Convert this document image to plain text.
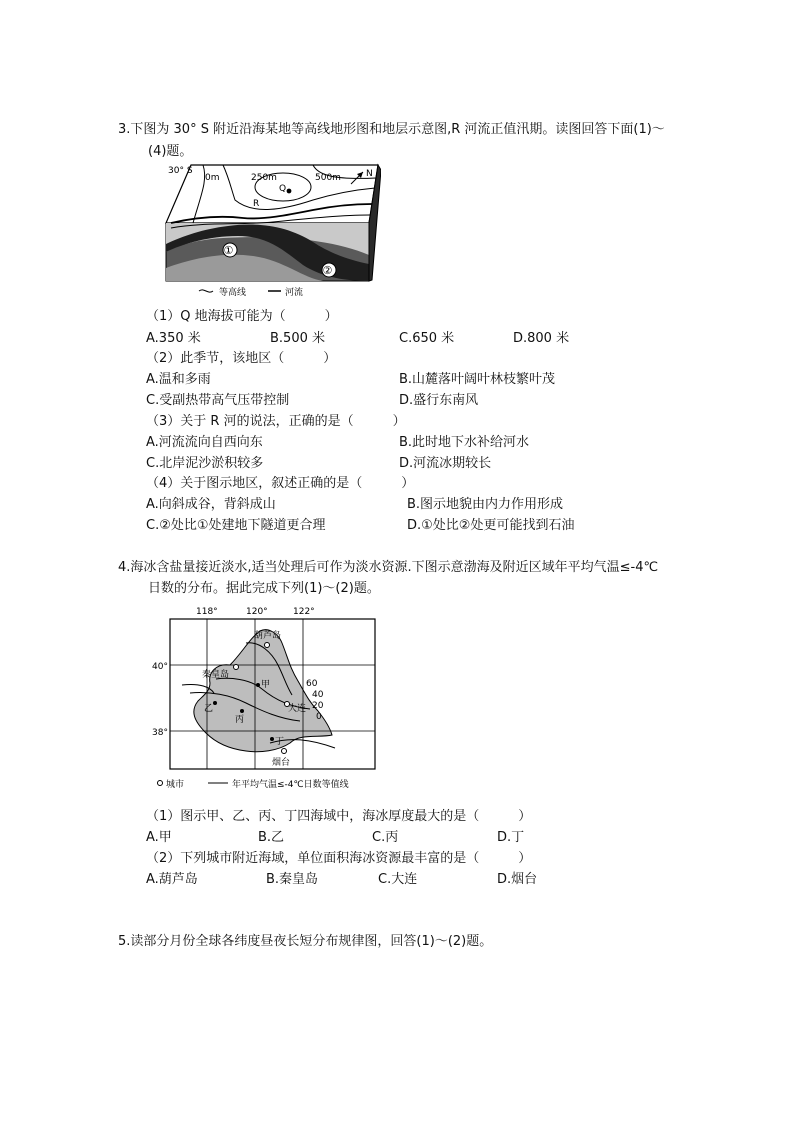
3.下图为 30° S 附近沿海某地等高线地形图和地层示意图,R 河流正值汛期。读图回答下面(1)～
(4)题。
30° S
0m	250m	500m
Q
R
N
①
②
等高线	河流
（1）Q 地海拔可能为（　　　）
A.350 米	B.500 米	C.650 米	D.800 米
（2）此季节，该地区（　　　）
A.温和多雨	B.山麓落叶阔叶林枝繁叶茂
C.受副热带高气压带控制	D.盛行东南风
（3）关于 R 河的说法，正确的是（　　　）
A.河流流向自西向东	B.此时地下水补给河水
C.北岸泥沙淤积较多	D.河流冰期较长
（4）关于图示地区，叙述正确的是（　　　）
A.向斜成谷，背斜成山	B.图示地貌由内力作用形成
C.②处比①处建地下隧道更合理	D.①处比②处更可能找到石油
4.海冰含盐量接近淡水,适当处理后可作为淡水资源.下图示意渤海及附近区域年平均气温≤-4℃
日数的分布。据此完成下列(1)～(2)题。
118°	120°	122°
40°
38°
60
40
20
0
葫芦岛
秦皇岛
大连
烟台
甲
乙
丙
丁
城市	年平均气温≤-4℃日数等值线
（1）图示甲、乙、丙、丁四海域中，海冰厚度最大的是（　　　）
A.甲	B.乙	C.丙	D.丁
（2）下列城市附近海域，单位面积海冰资源最丰富的是（　　　）
A.葫芦岛	B.秦皇岛	C.大连	D.烟台
5.读部分月份全球各纬度昼夜长短分布规律图，回答(1)～(2)题。
